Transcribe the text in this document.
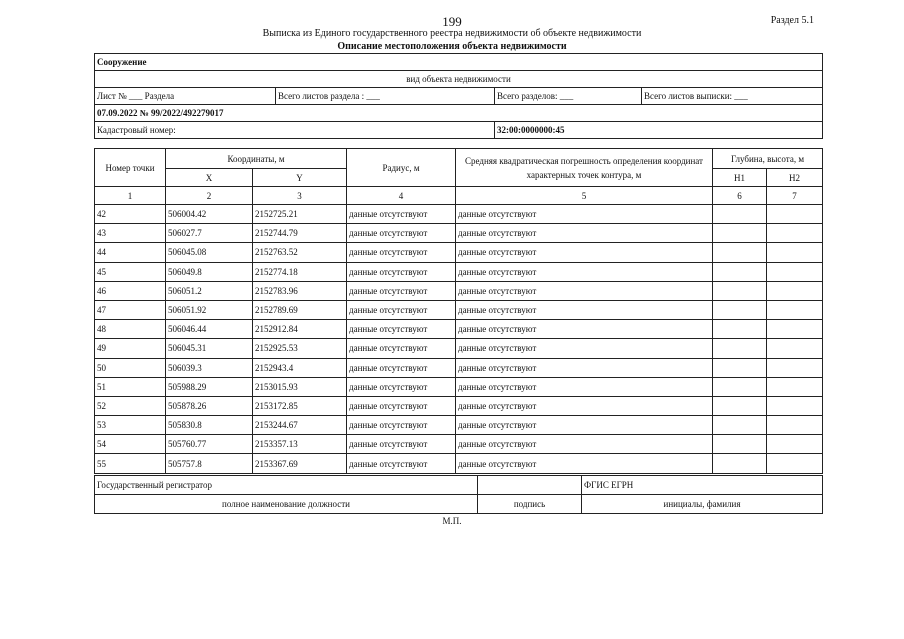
199	Раздел 5.1
Выписка из Единого государственного реестра недвижимости об объекте недвижимости
Описание местоположения объекта недвижимости
Сооружение			
вид объекта недвижимости			
Лист № ___ Раздела	Всего листов раздела : ___	Всего разделов: ___	Всего листов выписки: ___
07.09.2022 № 99/2022/492279017			
Кадастровый номер:		32:00:0000000:45	
Номер точки	Координаты, м		Радиус, м	Средняя квадратическая погрешность определения координат характерных точек контура, м	Глубина, высота, м	
	X	Y			H1	H2
1	2	3	4	5	6	7
42	506004.42	2152725.21	данные отсутствуют	данные отсутствуют		
43	506027.7	2152744.79	данные отсутствуют	данные отсутствуют		
44	506045.08	2152763.52	данные отсутствуют	данные отсутствуют		
45	506049.8	2152774.18	данные отсутствуют	данные отсутствуют		
46	506051.2	2152783.96	данные отсутствуют	данные отсутствуют		
47	506051.92	2152789.69	данные отсутствуют	данные отсутствуют		
48	506046.44	2152912.84	данные отсутствуют	данные отсутствуют		
49	506045.31	2152925.53	данные отсутствуют	данные отсутствуют		
50	506039.3	2152943.4	данные отсутствуют	данные отсутствуют		
51	505988.29	2153015.93	данные отсутствуют	данные отсутствуют		
52	505878.26	2153172.85	данные отсутствуют	данные отсутствуют		
53	505830.8	2153244.67	данные отсутствуют	данные отсутствуют		
54	505760.77	2153357.13	данные отсутствуют	данные отсутствуют		
55	505757.8	2153367.69	данные отсутствуют	данные отсутствуют		
Государственный регистратор		ФГИС ЕГРН
полное наименование должности	подпись	инициалы, фамилия
М.П.
